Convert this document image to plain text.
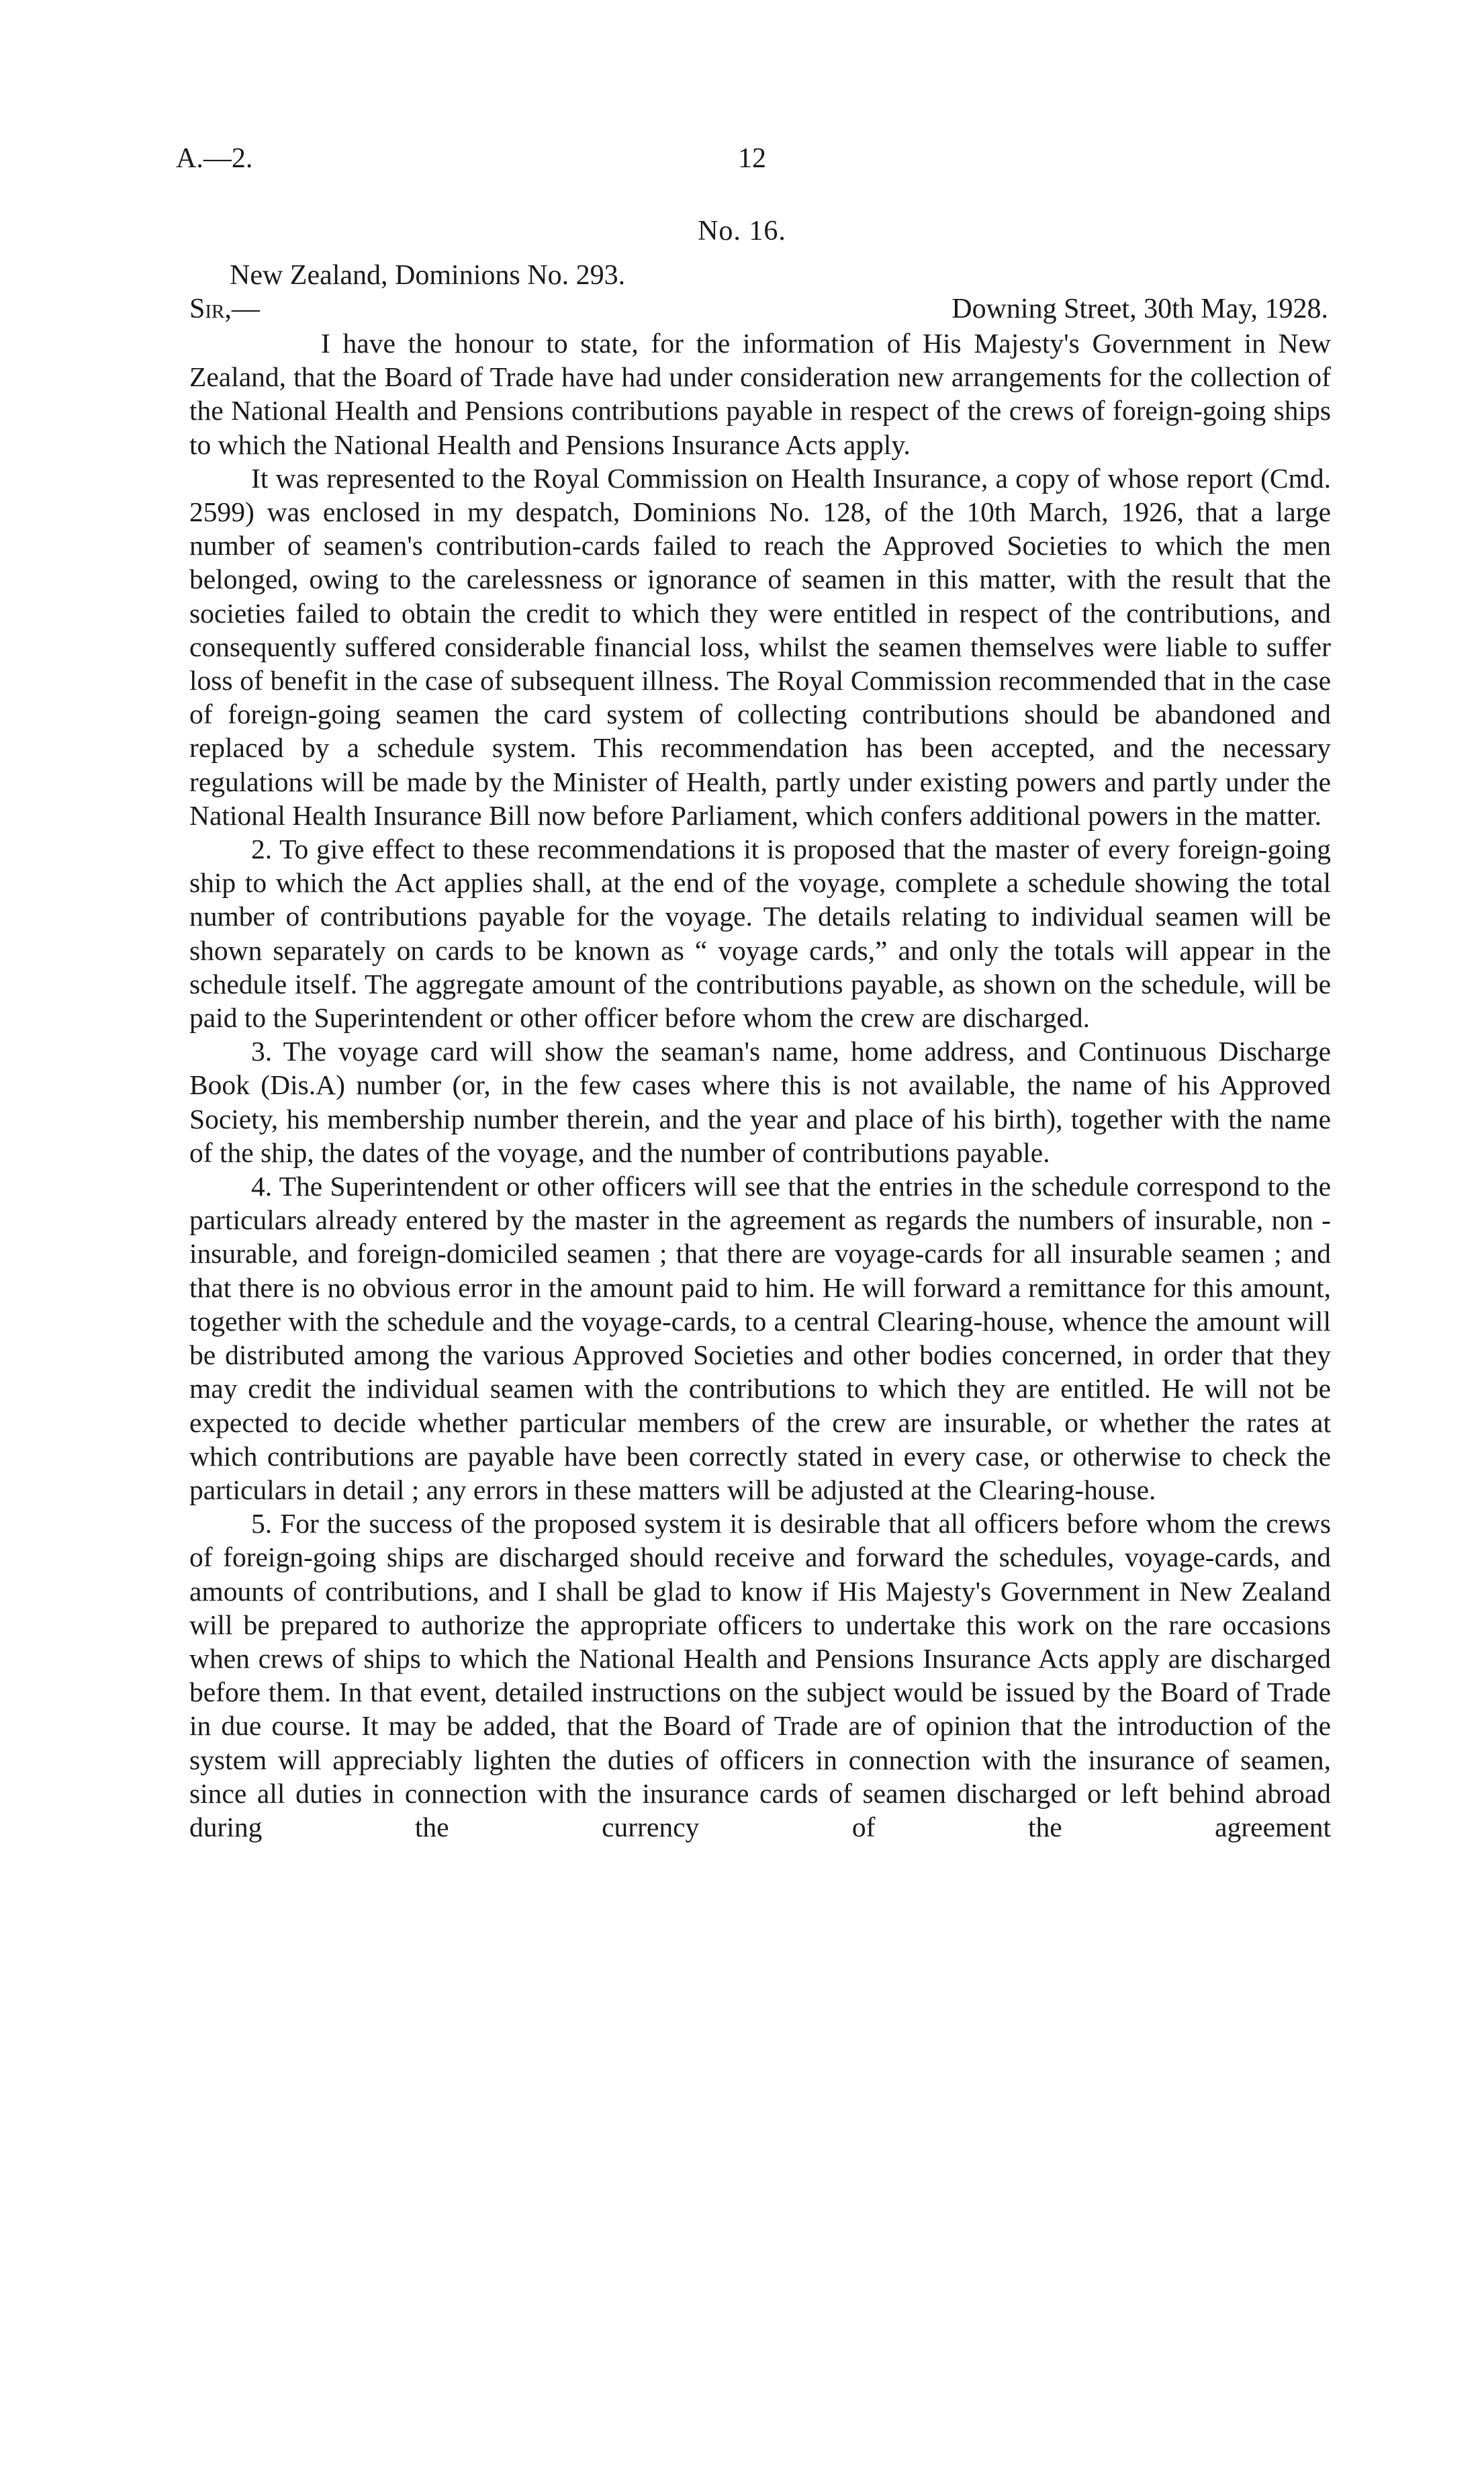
A.—2.	12
No. 16.
New Zealand, Dominions No. 293.
Sir,—	Downing Street, 30th May, 1928.

I have the honour to state, for the information of His Majesty's Government in New Zealand, that the Board of Trade have had under consideration new arrangements for the collection of the National Health and Pensions contributions payable in respect of the crews of foreign-going ships to which the National Health and Pensions Insurance Acts apply.

It was represented to the Royal Commission on Health Insurance, a copy of whose report (Cmd. 2599) was enclosed in my despatch, Dominions No. 128, of the 10th March, 1926, that a large number of seamen's contribution-cards failed to reach the Approved Societies to which the men belonged, owing to the carelessness or ignorance of seamen in this matter, with the result that the societies failed to obtain the credit to which they were entitled in respect of the contributions, and consequently suffered considerable financial loss, whilst the seamen themselves were liable to suffer loss of benefit in the case of subsequent illness. The Royal Commission recommended that in the case of foreign-going seamen the card system of collecting contributions should be abandoned and replaced by a schedule system. This recommendation has been accepted, and the necessary regulations will be made by the Minister of Health, partly under existing powers and partly under the National Health Insurance Bill now before Parliament, which confers additional powers in the matter.

2. To give effect to these recommendations it is proposed that the master of every foreign-going ship to which the Act applies shall, at the end of the voyage, complete a schedule showing the total number of contributions payable for the voyage. The details relating to individual seamen will be shown separately on cards to be known as “ voyage cards,” and only the totals will appear in the schedule itself. The aggregate amount of the contributions payable, as shown on the schedule, will be paid to the Superintendent or other officer before whom the crew are discharged.

3. The voyage card will show the seaman's name, home address, and Continuous Discharge Book (Dis.A) number (or, in the few cases where this is not available, the name of his Approved Society, his membership number therein, and the year and place of his birth), together with the name of the ship, the dates of the voyage, and the number of contributions payable.

4. The Superintendent or other officers will see that the entries in the schedule correspond to the particulars already entered by the master in the agreement as regards the numbers of insurable, non - insurable, and foreign-domiciled seamen ; that there are voyage-cards for all insurable seamen ; and that there is no obvious error in the amount paid to him. He will forward a remittance for this amount, together with the schedule and the voyage-cards, to a central Clearing-house, whence the amount will be distributed among the various Approved Societies and other bodies concerned, in order that they may credit the individual seamen with the contributions to which they are entitled. He will not be expected to decide whether particular members of the crew are insurable, or whether the rates at which contributions are payable have been correctly stated in every case, or otherwise to check the particulars in detail ; any errors in these matters will be adjusted at the Clearing-house.

5. For the success of the proposed system it is desirable that all officers before whom the crews of foreign-going ships are discharged should receive and forward the schedules, voyage-cards, and amounts of contributions, and I shall be glad to know if His Majesty's Government in New Zealand will be prepared to authorize the appropriate officers to undertake this work on the rare occasions when crews of ships to which the National Health and Pensions Insurance Acts apply are discharged before them. In that event, detailed instructions on the subject would be issued by the Board of Trade in due course. It may be added, that the Board of Trade are of opinion that the introduction of the system will appreciably lighten the duties of officers in connection with the insurance of seamen, since all duties in connection with the insurance cards of seamen discharged or left behind abroad during the currency of the agreement
